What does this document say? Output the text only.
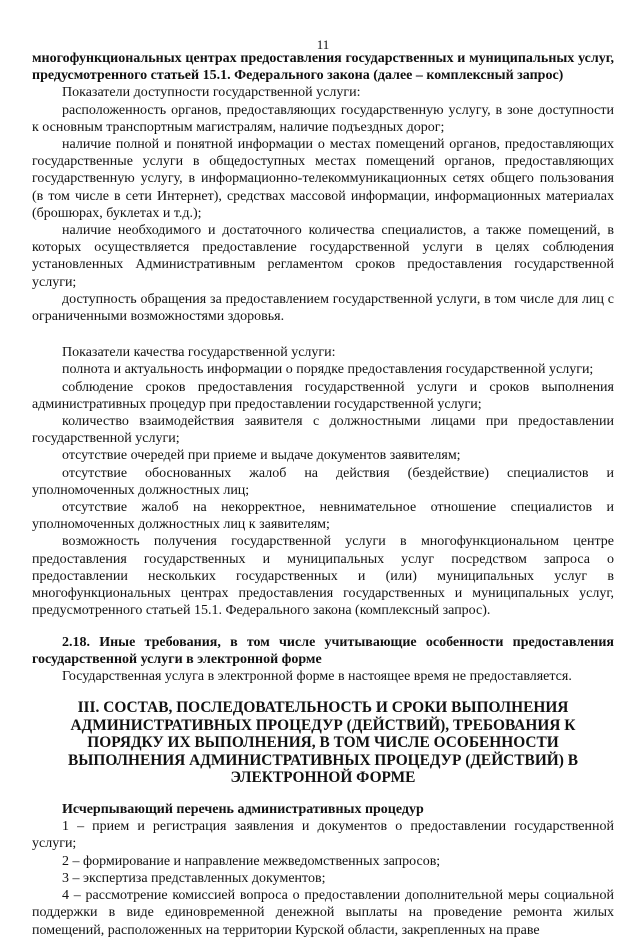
11

многофункциональных центрах предоставления государственных и муниципальных услуг, предусмотренного статьей 15.1. Федерального закона (далее – комплексный запрос)

Показатели доступности государственной услуги:

расположенность органов, предоставляющих государственную услугу, в зоне доступности к основным транспортным магистралям, наличие подъездных дорог;

наличие полной и понятной информации о местах помещений органов, предоставляющих государственные услуги в общедоступных местах помещений органов, предоставляющих государственную услугу, в информационно-телекоммуникационных сетях общего пользования (в том числе в сети Интернет), средствах массовой информации, информационных материалах (брошюрах, буклетах и т.д.);

наличие необходимого и достаточного количества специалистов, а также помещений, в которых осуществляется предоставление государственной услуги в целях соблюдения установленных Административным регламентом сроков предоставления государственной услуги;

доступность обращения за предоставлением государственной услуги, в том числе для лиц с ограниченными возможностями здоровья.

Показатели качества государственной услуги:

полнота и актуальность информации о порядке предоставления государственной услуги;

соблюдение сроков предоставления государственной услуги и сроков выполнения административных процедур при предоставлении государственной услуги;

количество взаимодействия заявителя с должностными лицами при предоставлении государственной услуги;

отсутствие очередей при приеме и выдаче документов заявителям;

отсутствие обоснованных жалоб на действия (бездействие) специалистов и уполномоченных должностных лиц;

отсутствие жалоб на некорректное, невнимательное отношение специалистов и уполномоченных должностных лиц к заявителям;

возможность получения государственной услуги в многофункциональном центре предоставления государственных и муниципальных услуг посредством запроса о предоставлении нескольких государственных и (или) муниципальных услуг в многофункциональных центрах предоставления государственных и муниципальных услуг, предусмотренного статьей 15.1. Федерального закона (комплексный запрос).

2.18. Иные требования, в том числе учитывающие особенности предоставления государственной услуги в электронной форме

Государственная услуга в электронной форме в настоящее время не предоставляется.

III. СОСТАВ, ПОСЛЕДОВАТЕЛЬНОСТЬ И СРОКИ ВЫПОЛНЕНИЯ АДМИНИСТРАТИВНЫХ ПРОЦЕДУР (ДЕЙСТВИЙ), ТРЕБОВАНИЯ К ПОРЯДКУ ИХ ВЫПОЛНЕНИЯ, В ТОМ ЧИСЛЕ ОСОБЕННОСТИ ВЫПОЛНЕНИЯ АДМИНИСТРАТИВНЫХ ПРОЦЕДУР (ДЕЙСТВИЙ) В ЭЛЕКТРОННОЙ ФОРМЕ

Исчерпывающий перечень административных процедур

1 – прием и регистрация заявления и документов о предоставлении государственной услуги;

2 – формирование и направление межведомственных запросов;

3 – экспертиза представленных документов;

4 – рассмотрение комиссией вопроса о предоставлении дополнительной меры социальной поддержки в виде единовременной денежной выплаты на проведение ремонта жилых помещений, расположенных на территории Курской области, закрепленных на праве
